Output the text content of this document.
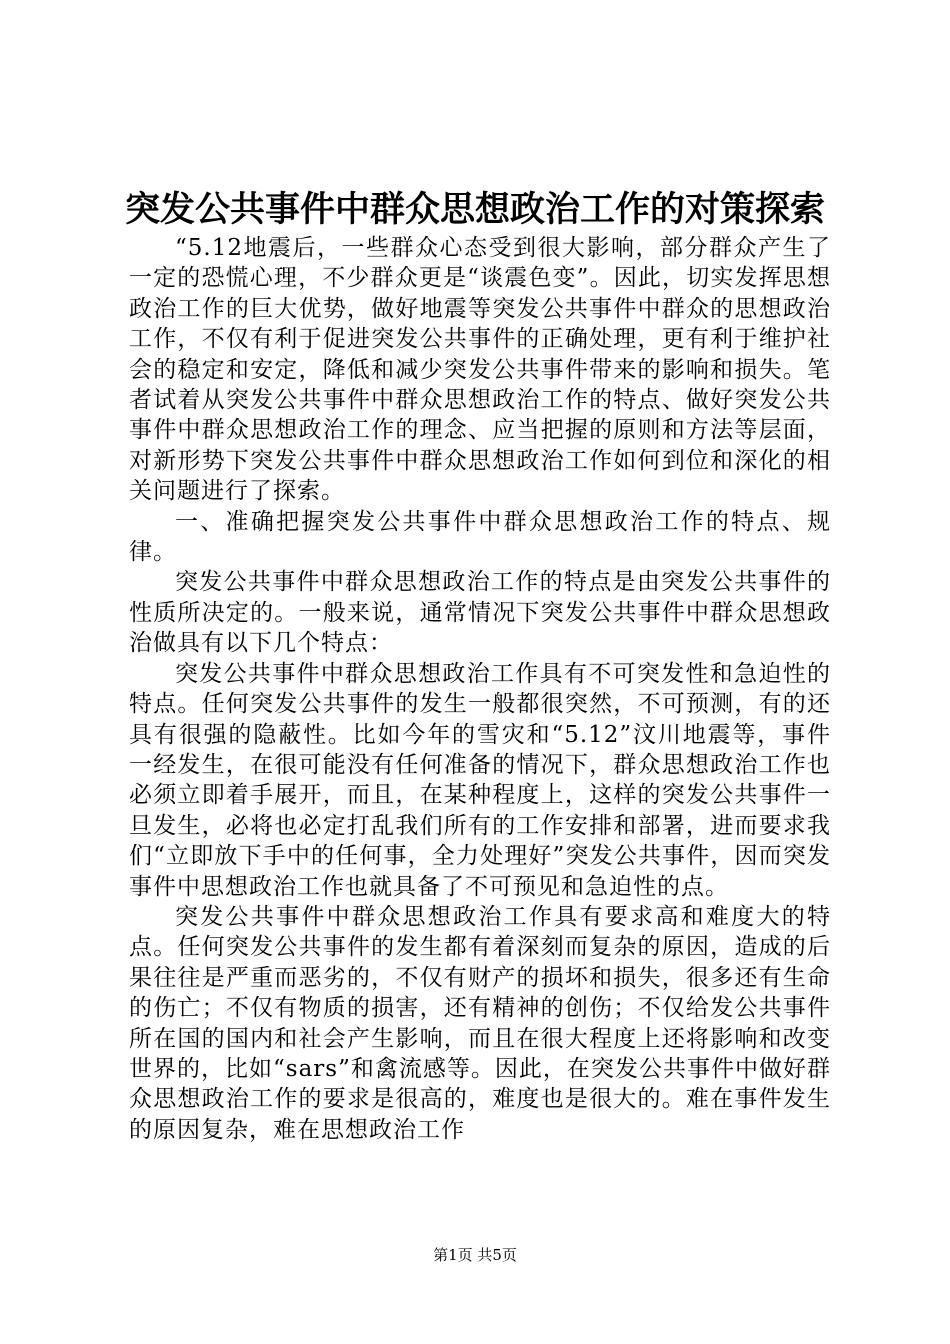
突发公共事件中群众思想政治工作的对策探索

“5.12地震后，一些群众心态受到很大影响，部分群众产生了一定的恐慌心理，不少群众更是“谈震色变”。因此，切实发挥思想政治工作的巨大优势，做好地震等突发公共事件中群众的思想政治工作，不仅有利于促进突发公共事件的正确处理，更有利于维护社会的稳定和安定，降低和减少突发公共事件带来的影响和损失。笔者试着从突发公共事件中群众思想政治工作的特点、做好突发公共事件中群众思想政治工作的理念、应当把握的原则和方法等层面，对新形势下突发公共事件中群众思想政治工作如何到位和深化的相关问题进行了探索。

一、准确把握突发公共事件中群众思想政治工作的特点、规律。

突发公共事件中群众思想政治工作的特点是由突发公共事件的性质所决定的。一般来说，通常情况下突发公共事件中群众思想政治做具有以下几个特点：

突发公共事件中群众思想政治工作具有不可突发性和急迫性的特点。任何突发公共事件的发生一般都很突然，不可预测，有的还具有很强的隐蔽性。比如今年的雪灾和“5.12”汶川地震等，事件一经发生，在很可能没有任何准备的情况下，群众思想政治工作也必须立即着手展开，而且，在某种程度上，这样的突发公共事件一旦发生，必将也必定打乱我们所有的工作安排和部署，进而要求我们“立即放下手中的任何事，全力处理好”突发公共事件，因而突发事件中思想政治工作也就具备了不可预见和急迫性的点。

突发公共事件中群众思想政治工作具有要求高和难度大的特点。任何突发公共事件的发生都有着深刻而复杂的原因，造成的后果往往是严重而恶劣的，不仅有财产的损坏和损失，很多还有生命的伤亡；不仅有物质的损害，还有精神的创伤；不仅给发公共事件所在国的国内和社会产生影响，而且在很大程度上还将影响和改变世界的，比如“sars”和禽流感等。因此，在突发公共事件中做好群众思想政治工作的要求是很高的，难度也是很大的。难在事件发生的原因复杂，难在思想政治工作

第1页 共5页
